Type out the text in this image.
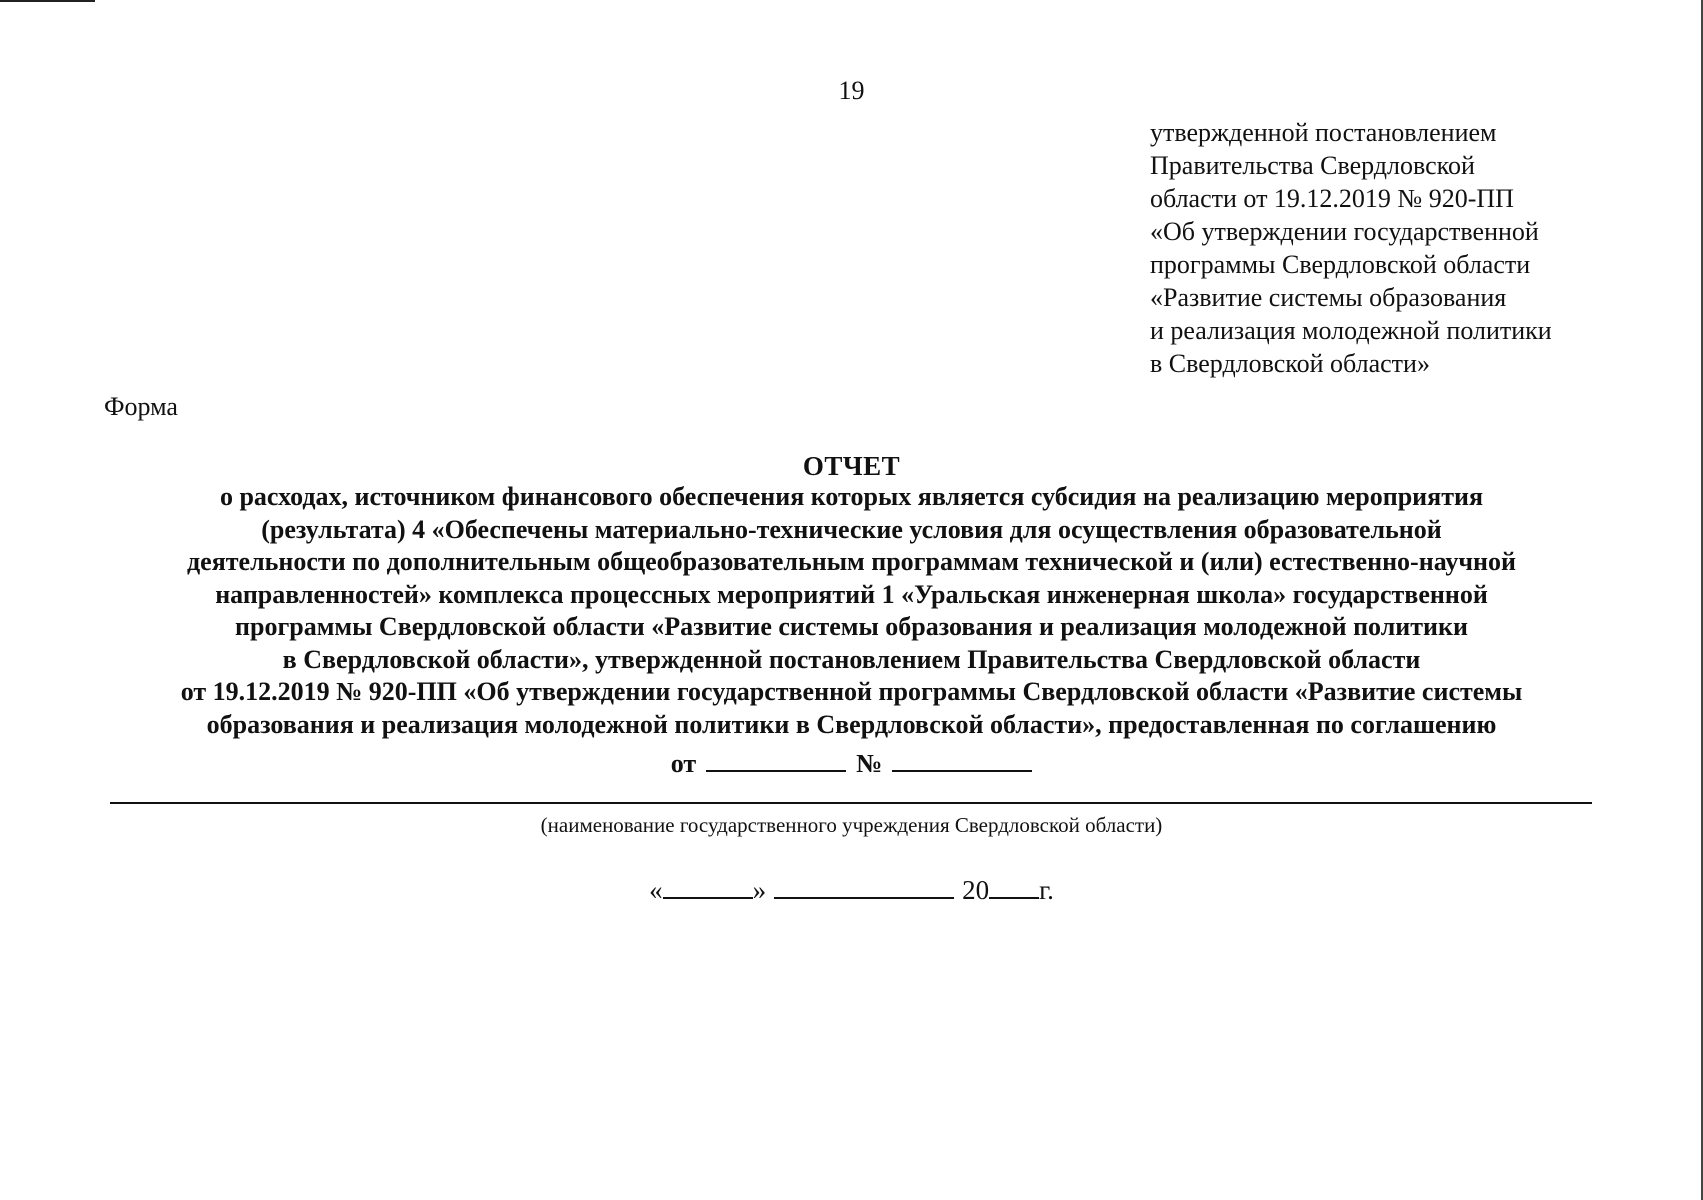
19
утвержденной постановлением
Правительства Свердловской
области от 19.12.2019 № 920-ПП
«Об утверждении государственной
программы Свердловской области
«Развитие системы образования
и реализация молодежной политики
в Свердловской области»
Форма
ОТЧЕТ
о расходах, источником финансового обеспечения которых является субсидия на реализацию мероприятия
(результата) 4 «Обеспечены материально-технические условия для осуществления образовательной
деятельности по дополнительным общеобразовательным программам технической и (или) естественно-научной
направленностей» комплекса процессных мероприятий 1 «Уральская инженерная школа» государственной
программы Свердловской области «Развитие системы образования и реализация молодежной политики
в Свердловской области», утвержденной постановлением Правительства Свердловской области
от 19.12.2019 № 920-ПП «Об утверждении государственной программы Свердловской области «Развитие системы
образования и реализация молодежной политики в Свердловской области», предоставленная по соглашению
от	№
(наименование государственного учреждения Свердловской области)
«	»	20 г.
